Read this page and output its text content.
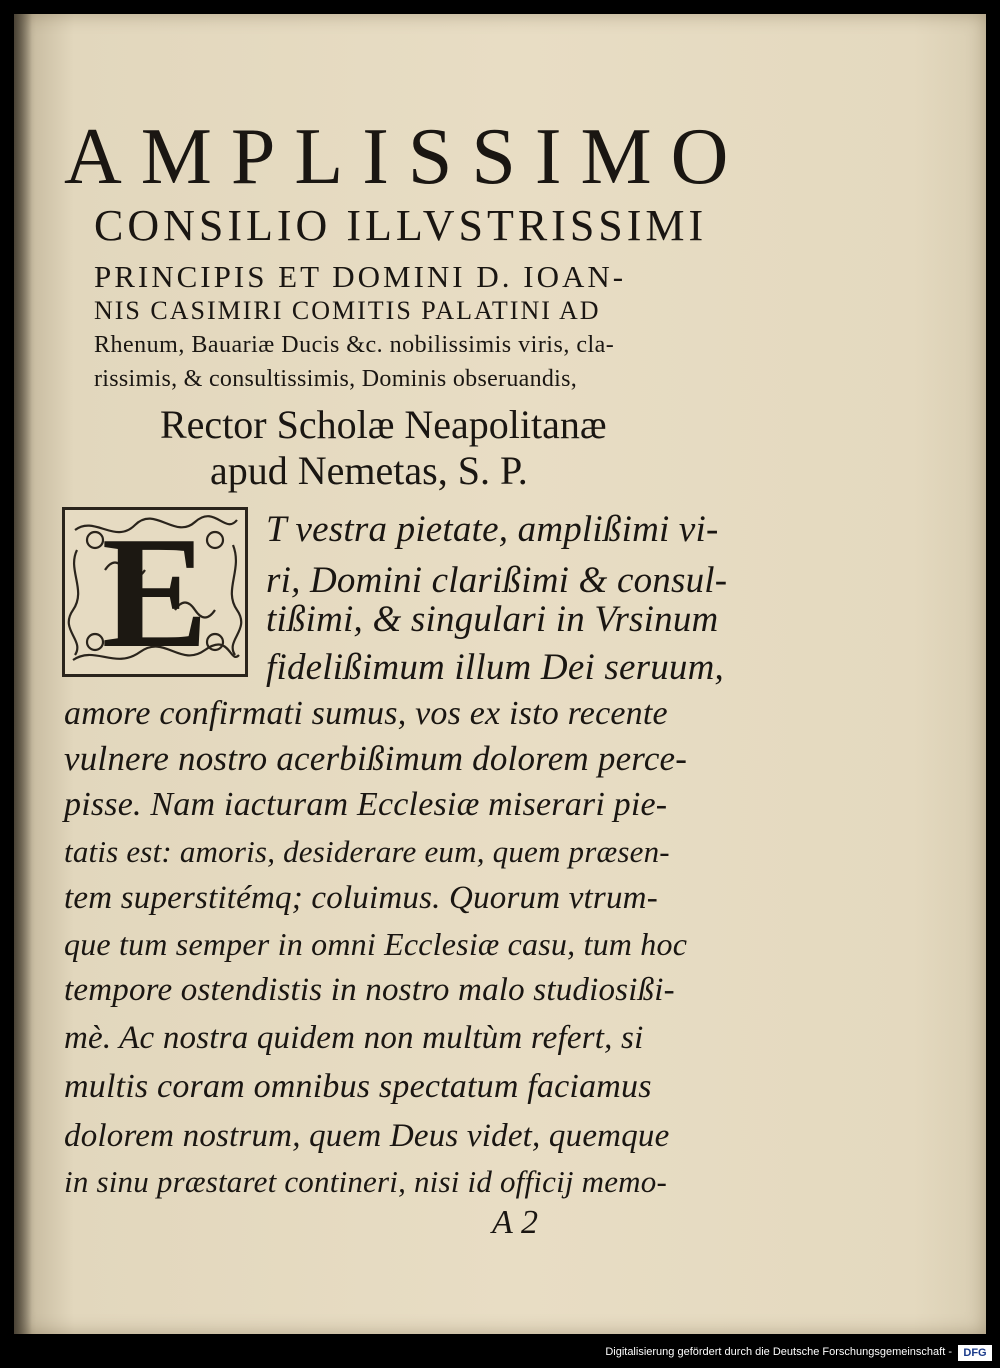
AMPLISSIMO
CONSILIO ILLVSTRISSIMI
PRINCIPIS ET DOMINI D. IOAN-
NIS CASIMIRI COMITIS PALATINI AD
Rhenum, Bauariæ Ducis &c. nobilissimis viris, cla-
rissimis, & consultissimis, Dominis obseruandis,
Rector Scholæ Neapolitanæ
apud Nemetas, S. P.
E	T vestra pietate, amplißimi vi-
ri, Domini clarißimi & consul-
tißimi, & singulari in Vrsinum
fidelißimum illum Dei seruum,
amore confirmati sumus, vos ex isto recente
vulnere nostro acerbißimum dolorem perce-
pisse. Nam iacturam Ecclesiæ miserari pie-
tatis est: amoris, desiderare eum, quem præsen-
tem superstitémq; coluimus. Quorum vtrum-
que tum semper in omni Ecclesiæ casu, tum hoc
tempore ostendistis in nostro malo studiosißi-
mè. Ac nostra quidem non multùm refert, si
multis coram omnibus spectatum faciamus
dolorem nostrum, quem Deus videt, quemque
in sinu præstaret contineri, nisi id officij memo-
A 2
Digitalisierung gefördert durch die Deutsche Forschungsgemeinschaft -	DFG
